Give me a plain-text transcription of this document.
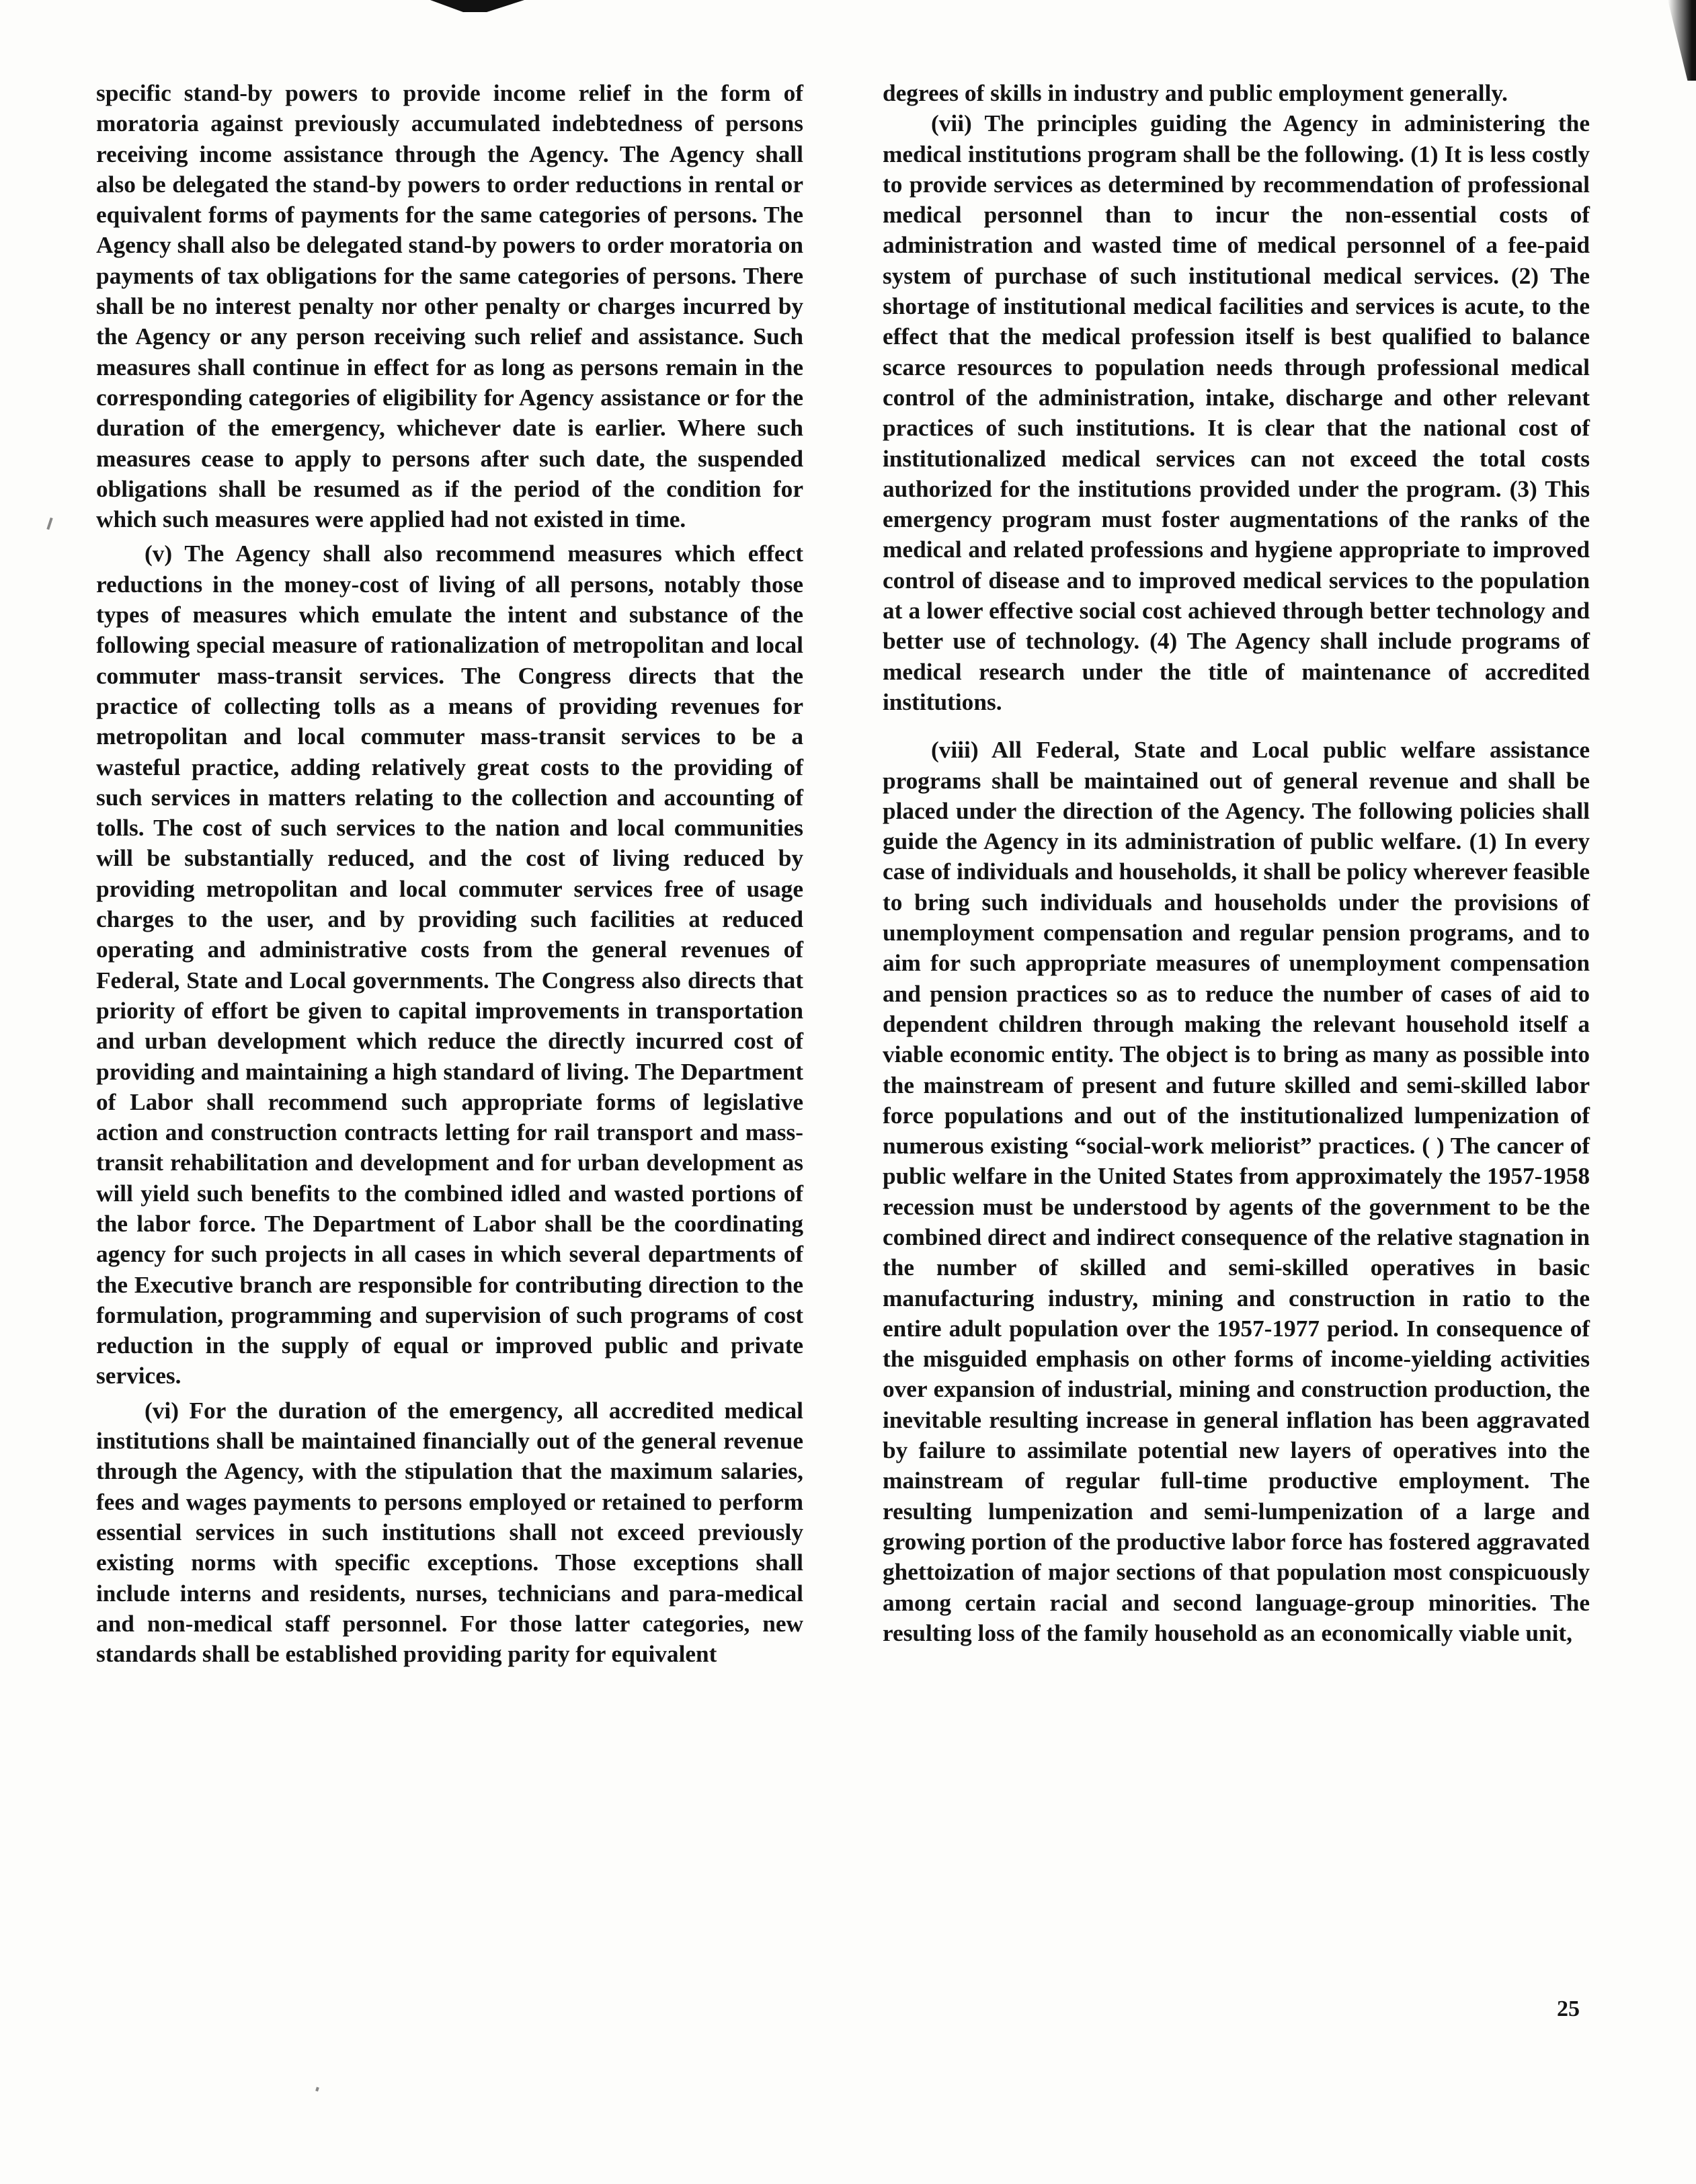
specific stand-by powers to provide income relief in the form of moratoria against previously accumulated indebtedness of persons receiving income assistance through the Agency. The Agency shall also be delegated the stand-by powers to order reductions in rental or equivalent forms of payments for the same categories of persons. The Agency shall also be delegated stand-by powers to order moratoria on payments of tax obligations for the same categories of persons. There shall be no interest penalty nor other penalty or charges incurred by the Agency or any person receiving such relief and assistance. Such measures shall continue in effect for as long as persons remain in the corresponding categories of eligibility for Agency assistance or for the duration of the emergency, whichever date is earlier. Where such measures cease to apply to persons after such date, the suspended obligations shall be resumed as if the period of the condition for which such measures were applied had not existed in time.

(v) The Agency shall also recommend measures which effect reductions in the money-cost of living of all persons, notably those types of measures which emulate the intent and substance of the following special measure of rationalization of metropolitan and local commuter mass-transit services. The Congress directs that the practice of collecting tolls as a means of providing revenues for metropolitan and local commuter mass-transit services to be a wasteful practice, adding relatively great costs to the providing of such services in matters relating to the collection and accounting of tolls. The cost of such services to the nation and local communities will be substantially reduced, and the cost of living reduced by providing metropolitan and local commuter services free of usage charges to the user, and by providing such facilities at reduced operating and administrative costs from the general revenues of Federal, State and Local governments. The Congress also directs that priority of effort be given to capital improvements in transportation and urban development which reduce the directly incurred cost of providing and maintaining a high standard of living. The Department of Labor shall recommend such appropriate forms of legislative action and construction contracts letting for rail transport and mass-transit rehabilitation and development and for urban development as will yield such benefits to the combined idled and wasted portions of the labor force. The Department of Labor shall be the coordinating agency for such projects in all cases in which several departments of the Executive branch are responsible for contributing direction to the formulation, programming and supervision of such programs of cost reduction in the supply of equal or improved public and private services.

(vi) For the duration of the emergency, all accredited medical institutions shall be maintained financially out of the general revenue through the Agency, with the stipulation that the maximum salaries, fees and wages payments to persons employed or retained to perform essential services in such institutions shall not exceed previously existing norms with specific exceptions. Those exceptions shall include interns and residents, nurses, technicians and para-medical and non-medical staff personnel. For those latter categories, new standards shall be established providing parity for equivalent

degrees of skills in industry and public employment generally.

(vii) The principles guiding the Agency in administering the medical institutions program shall be the following. (1) It is less costly to provide services as determined by recommendation of professional medical personnel than to incur the non-essential costs of administration and wasted time of medical personnel of a fee-paid system of purchase of such institutional medical services. (2) The shortage of institutional medical facilities and services is acute, to the effect that the medical profession itself is best qualified to balance scarce resources to population needs through professional medical control of the administration, intake, discharge and other relevant practices of such institutions. It is clear that the national cost of institutionalized medical services can not exceed the total costs authorized for the institutions provided under the program. (3) This emergency program must foster augmentations of the ranks of the medical and related professions and hygiene appropriate to improved control of disease and to improved medical services to the population at a lower effective social cost achieved through better technology and better use of technology. (4) The Agency shall include programs of medical research under the title of maintenance of accredited institutions.

(viii) All Federal, State and Local public welfare assistance programs shall be maintained out of general revenue and shall be placed under the direction of the Agency. The following policies shall guide the Agency in its administration of public welfare. (1) In every case of individuals and households, it shall be policy wherever feasible to bring such individuals and households under the provisions of unemployment compensation and regular pension programs, and to aim for such appropriate measures of unemployment compensation and pension practices so as to reduce the number of cases of aid to dependent children through making the relevant household itself a viable economic entity. The object is to bring as many as possible into the mainstream of present and future skilled and semi-skilled labor force populations and out of the institutionalized lumpenization of numerous existing “social-work meliorist” practices. ( ) The cancer of public welfare in the United States from approximately the 1957-1958 recession must be understood by agents of the government to be the combined direct and indirect consequence of the relative stagnation in the number of skilled and semi-skilled operatives in basic manufacturing industry, mining and construction in ratio to the entire adult population over the 1957-1977 period. In consequence of the misguided emphasis on other forms of income-yielding activities over expansion of industrial, mining and construction production, the inevitable resulting increase in general inflation has been aggravated by failure to assimilate potential new layers of operatives into the mainstream of regular full-time productive employment. The resulting lumpenization and semi-lumpenization of a large and growing portion of the productive labor force has fostered aggravated ghettoization of major sections of that population most conspicuously among certain racial and second language-group minorities. The resulting loss of the family household as an economically viable unit,

25
